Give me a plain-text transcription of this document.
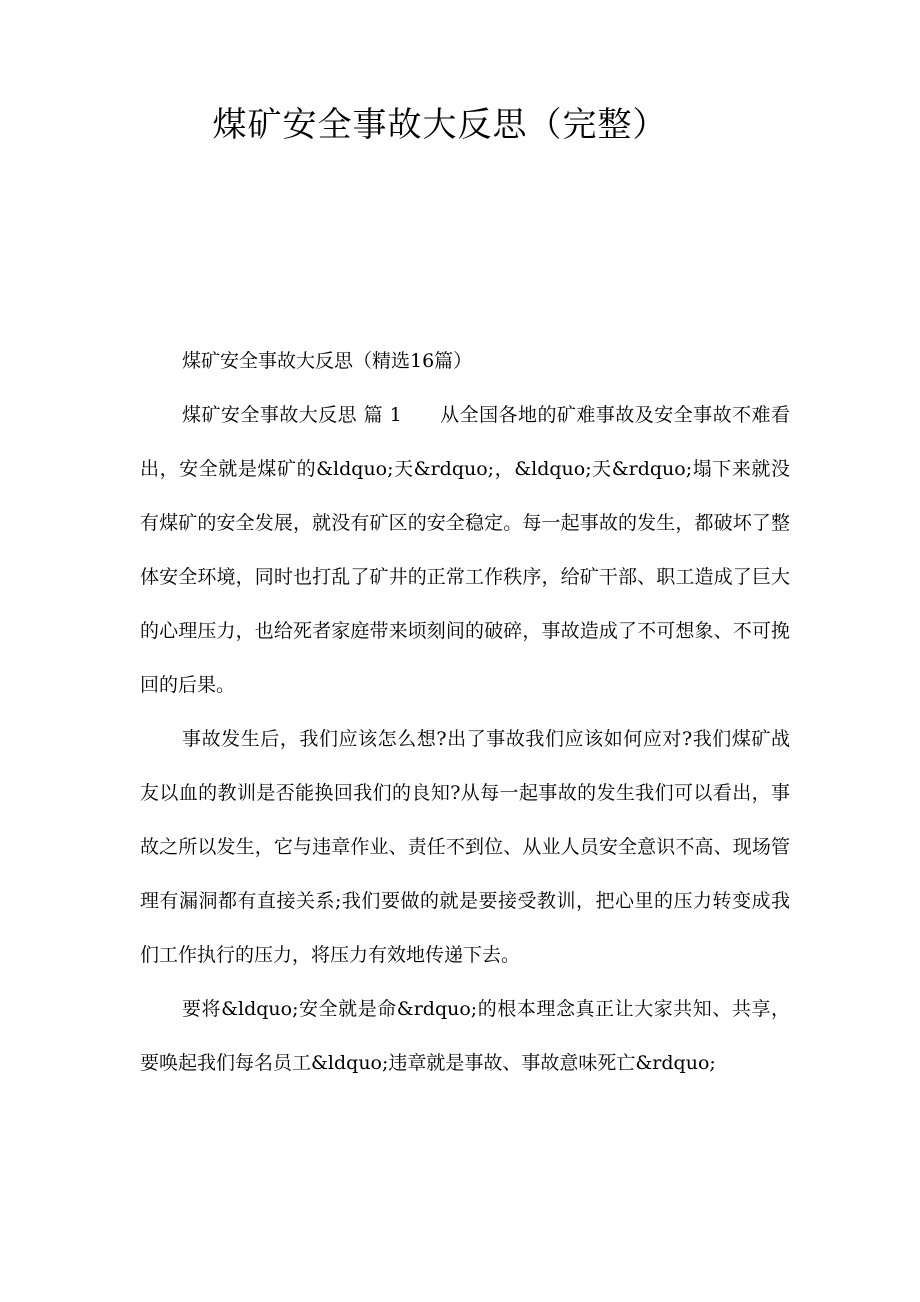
煤矿安全事故大反思（完整）

煤矿安全事故大反思（精选16篇）

煤矿安全事故大反思 篇 1 从全国各地的矿难事故及安全事故不难看出，安全就是煤矿的&ldquo;天&rdquo;，&ldquo;天&rdquo;塌下来就没有煤矿的安全发展，就没有矿区的安全稳定。每一起事故的发生，都破坏了整体安全环境，同时也打乱了矿井的正常工作秩序，给矿干部、职工造成了巨大的心理压力，也给死者家庭带来顷刻间的破碎，事故造成了不可想象、不可挽回的后果。

事故发生后，我们应该怎么想?出了事故我们应该如何应对?我们煤矿战友以血的教训是否能换回我们的良知?从每一起事故的发生我们可以看出，事故之所以发生，它与违章作业、责任不到位、从业人员安全意识不高、现场管理有漏洞都有直接关系;我们要做的就是要接受教训，把心里的压力转变成我们工作执行的压力，将压力有效地传递下去。

要将&ldquo;安全就是命&rdquo;的根本理念真正让大家共知、共享，要唤起我们每名员工&ldquo;违章就是事故、事故意味死亡&rdquo;
